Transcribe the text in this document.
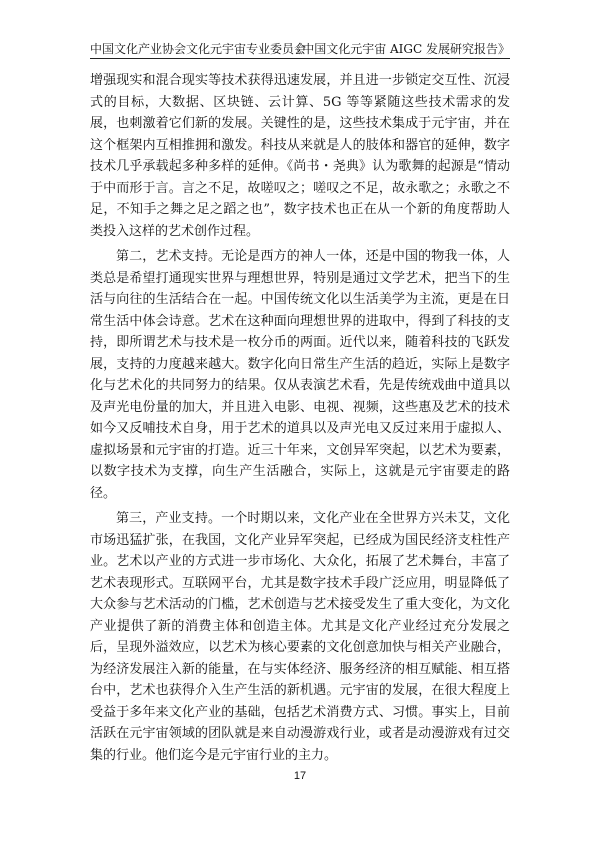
中国文化产业协会文化元宇宙专业委员会
《中国文化元宇宙 AIGC 发展研究报告》

增强现实和混合现实等技术获得迅速发展，并且进一步锁定交互性、沉浸式的目标，大数据、区块链、云计算、5G 等等紧随这些技术需求的发展，也刺激着它们新的发展。关键性的是，这些技术集成于元宇宙，并在这个框架内互相推拥和激发。科技从来就是人的肢体和器官的延伸，数字技术几乎承载起多种多样的延伸。《尚书・尧典》认为歌舞的起源是“情动于中而形于言。言之不足，故嗟叹之；嗟叹之不足，故永歌之；永歌之不足，不知手之舞之足之蹈之也”，数字技术也正在从一个新的角度帮助人类投入这样的艺术创作过程。

第二，艺术支持。无论是西方的神人一体，还是中国的物我一体，人类总是希望打通现实世界与理想世界，特别是通过文学艺术，把当下的生活与向往的生活结合在一起。中国传统文化以生活美学为主流，更是在日常生活中体会诗意。艺术在这种面向理想世界的进取中，得到了科技的支持，即所谓艺术与技术是一枚分币的两面。近代以来，随着科技的飞跃发展，支持的力度越来越大。数字化向日常生产生活的趋近，实际上是数字化与艺术化的共同努力的结果。仅从表演艺术看，先是传统戏曲中道具以及声光电份量的加大，并且进入电影、电视、视频，这些惠及艺术的技术如今又反哺技术自身，用于艺术的道具以及声光电又反过来用于虚拟人、虚拟场景和元宇宙的打造。近三十年来，文创异军突起，以艺术为要素，以数字技术为支撑，向生产生活融合，实际上，这就是元宇宙要走的路径。

第三，产业支持。一个时期以来，文化产业在全世界方兴未艾，文化市场迅猛扩张，在我国，文化产业异军突起，已经成为国民经济支柱性产业。艺术以产业的方式进一步市场化、大众化，拓展了艺术舞台，丰富了艺术表现形式。互联网平台，尤其是数字技术手段广泛应用，明显降低了大众参与艺术活动的门槛，艺术创造与艺术接受发生了重大变化，为文化产业提供了新的消费主体和创造主体。尤其是文化产业经过充分发展之后，呈现外溢效应，以艺术为核心要素的文化创意加快与相关产业融合，为经济发展注入新的能量，在与实体经济、服务经济的相互赋能、相互搭台中，艺术也获得介入生产生活的新机遇。元宇宙的发展，在很大程度上受益于多年来文化产业的基础，包括艺术消费方式、习惯。事实上，目前活跃在元宇宙领域的团队就是来自动漫游戏行业，或者是动漫游戏有过交集的行业。他们迄今是元宇宙行业的主力。

17
